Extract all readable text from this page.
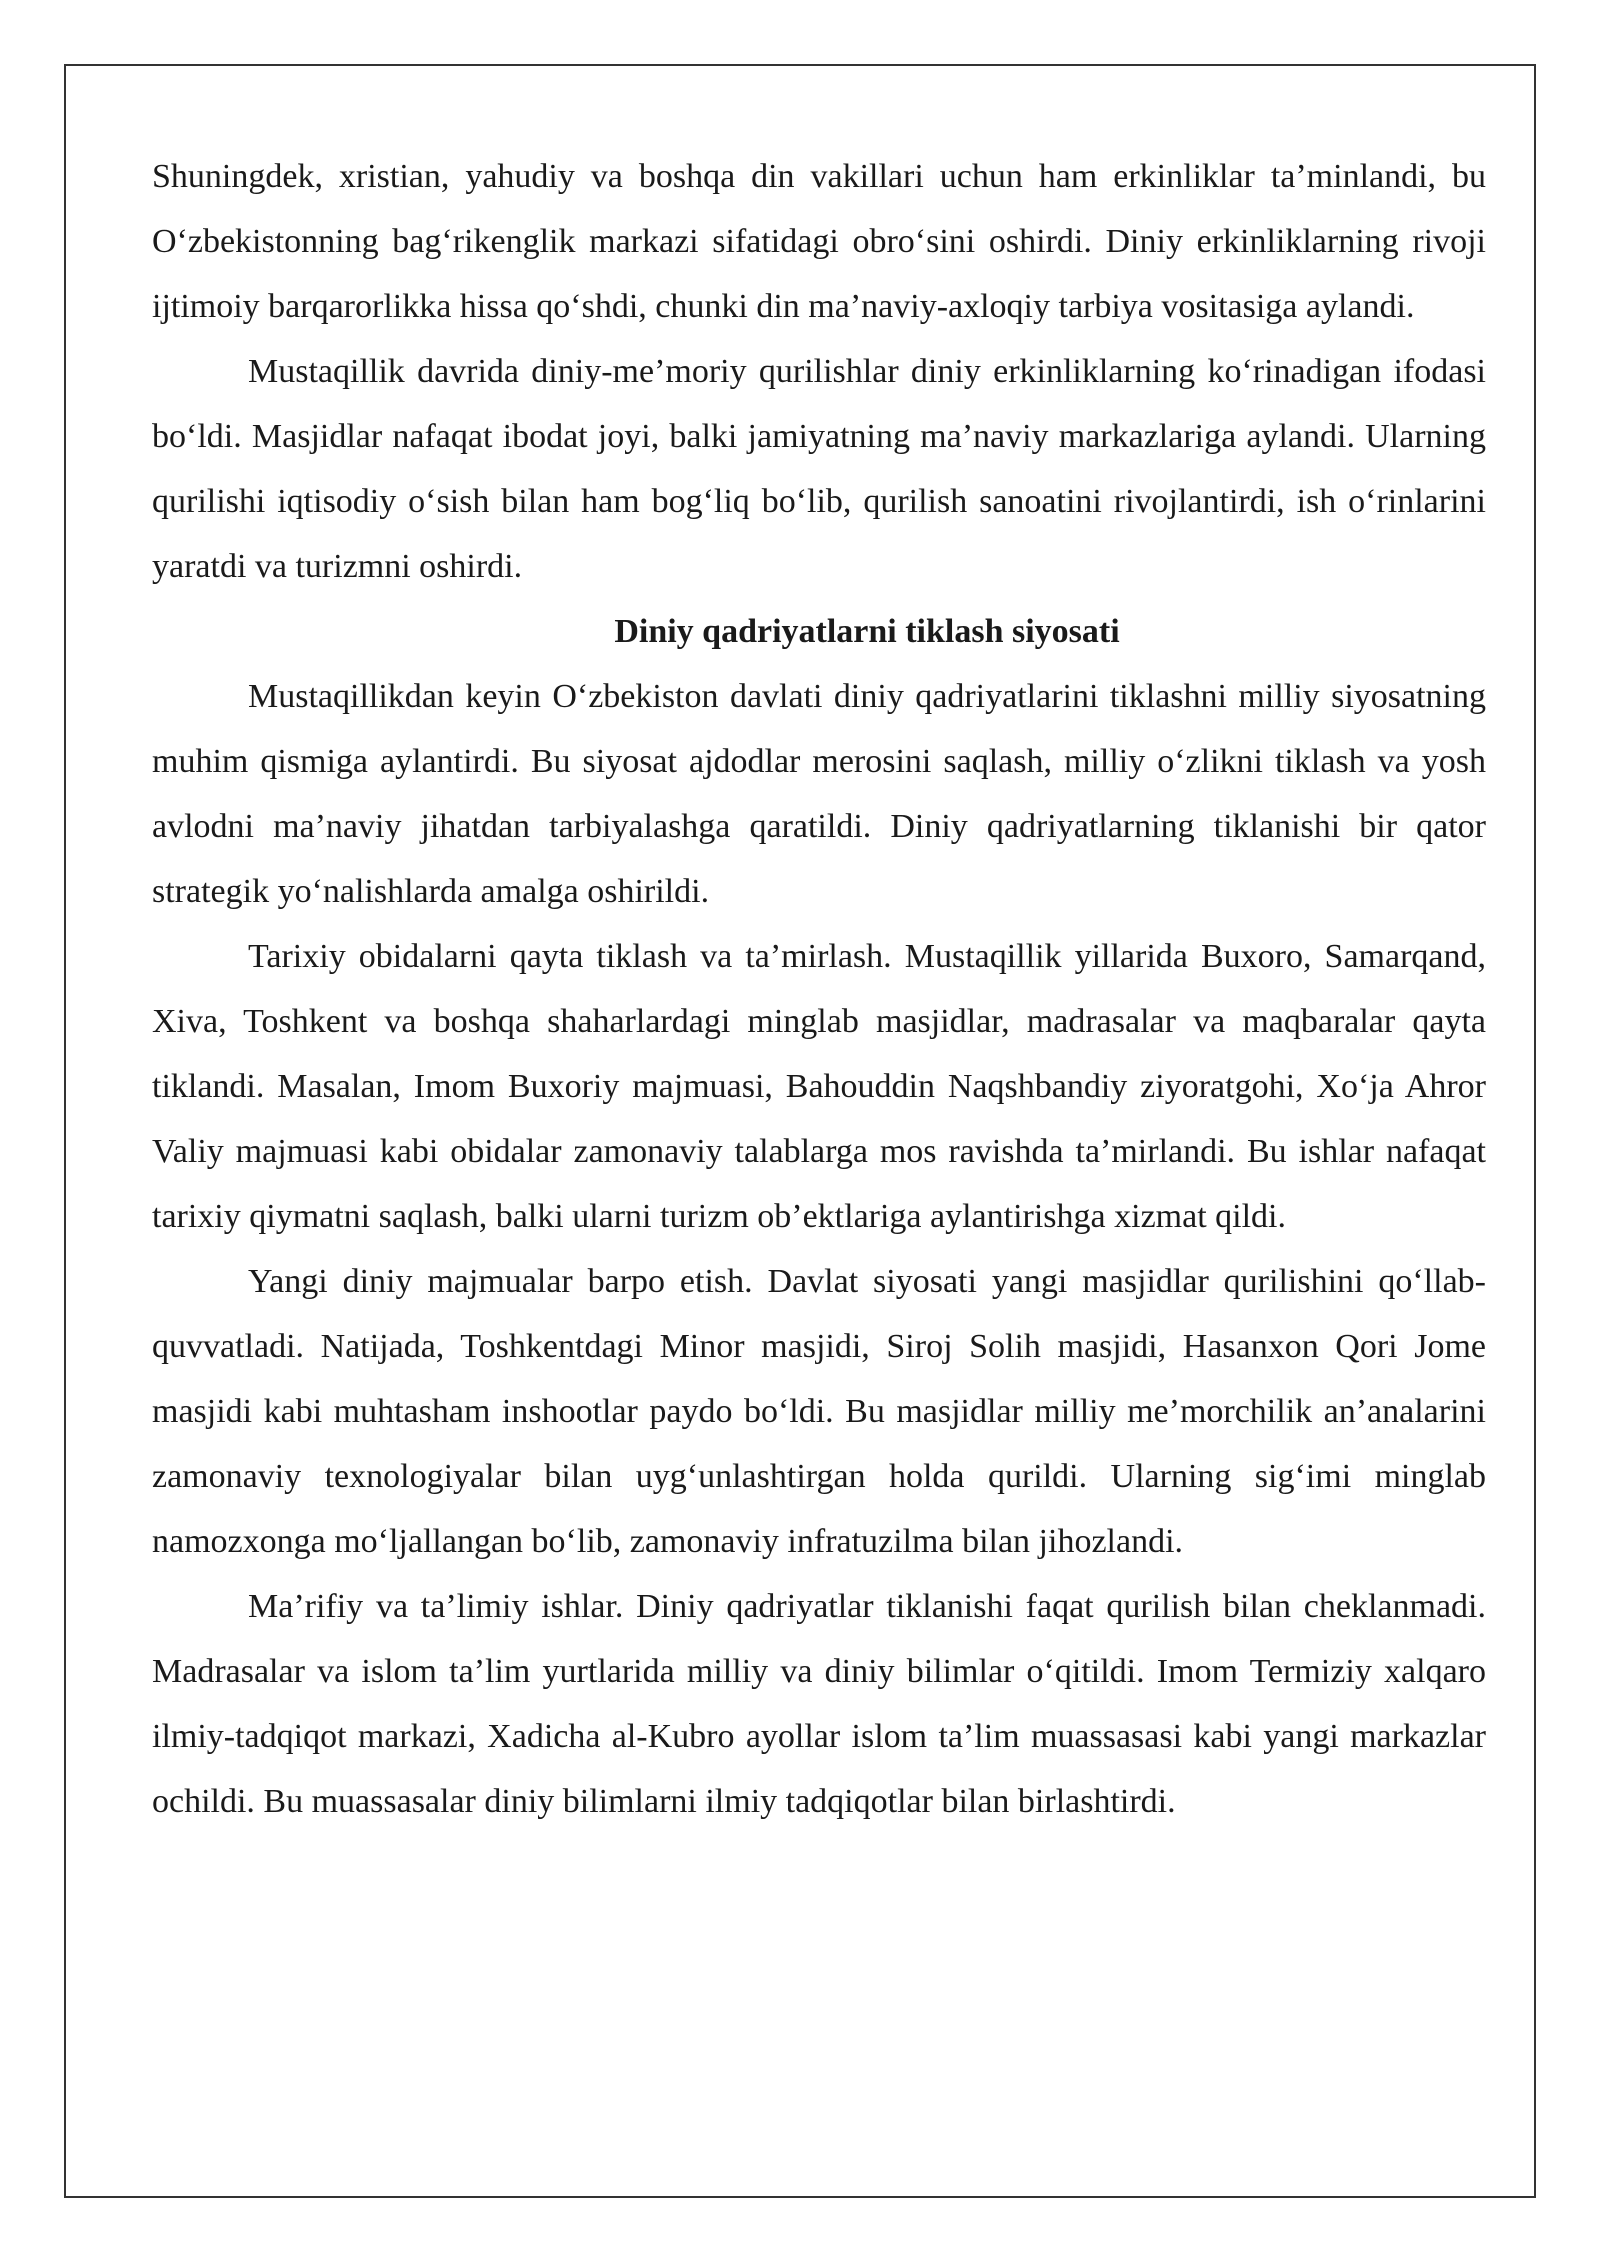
Shuningdek, xristian, yahudiy va boshqa din vakillari uchun ham erkinliklar ta’minlandi, bu O‘zbekistonning bag‘rikenglik markazi sifatidagi obro‘sini oshirdi. Diniy erkinliklarning rivoji ijtimoiy barqarorlikka hissa qo‘shdi, chunki din ma’naviy-axloqiy tarbiya vositasiga aylandi.

Mustaqillik davrida diniy-me’moriy qurilishlar diniy erkinliklarning ko‘rinadigan ifodasi bo‘ldi. Masjidlar nafaqat ibodat joyi, balki jamiyatning ma’naviy markazlariga aylandi. Ularning qurilishi iqtisodiy o‘sish bilan ham bog‘liq bo‘lib, qurilish sanoatini rivojlantirdi, ish o‘rinlarini yaratdi va turizmni oshirdi.

Diniy qadriyatlarni tiklash siyosati

Mustaqillikdan keyin O‘zbekiston davlati diniy qadriyatlarini tiklashni milliy siyosatning muhim qismiga aylantirdi. Bu siyosat ajdodlar merosini saqlash, milliy o‘zlikni tiklash va yosh avlodni ma’naviy jihatdan tarbiyalashga qaratildi. Diniy qadriyatlarning tiklanishi bir qator strategik yo‘nalishlarda amalga oshirildi.

Tarixiy obidalarni qayta tiklash va ta’mirlash. Mustaqillik yillarida Buxoro, Samarqand, Xiva, Toshkent va boshqa shaharlardagi minglab masjidlar, madrasalar va maqbaralar qayta tiklandi. Masalan, Imom Buxoriy majmuasi, Bahouddin Naqshbandiy ziyoratgohi, Xo‘ja Ahror Valiy majmuasi kabi obidalar zamonaviy talablarga mos ravishda ta’mirlandi. Bu ishlar nafaqat tarixiy qiymatni saqlash, balki ularni turizm ob’ektlariga aylantirishga xizmat qildi.

Yangi diniy majmualar barpo etish. Davlat siyosati yangi masjidlar qurilishini qo‘llab-quvvatladi. Natijada, Toshkentdagi Minor masjidi, Siroj Solih masjidi, Hasanxon Qori Jome masjidi kabi muhtasham inshootlar paydo bo‘ldi. Bu masjidlar milliy me’morchilik an’analarini zamonaviy texnologiyalar bilan uyg‘unlashtirgan holda qurildi. Ularning sig‘imi minglab namozxonga mo‘ljallangan bo‘lib, zamonaviy infratuzilma bilan jihozlandi.

Ma’rifiy va ta’limiy ishlar. Diniy qadriyatlar tiklanishi faqat qurilish bilan cheklanmadi. Madrasalar va islom ta’lim yurtlarida milliy va diniy bilimlar o‘qitildi. Imom Termiziy xalqaro ilmiy-tadqiqot markazi, Xadicha al-Kubro ayollar islom ta’lim muassasasi kabi yangi markazlar ochildi. Bu muassasalar diniy bilimlarni ilmiy tadqiqotlar bilan birlashtirdi.
